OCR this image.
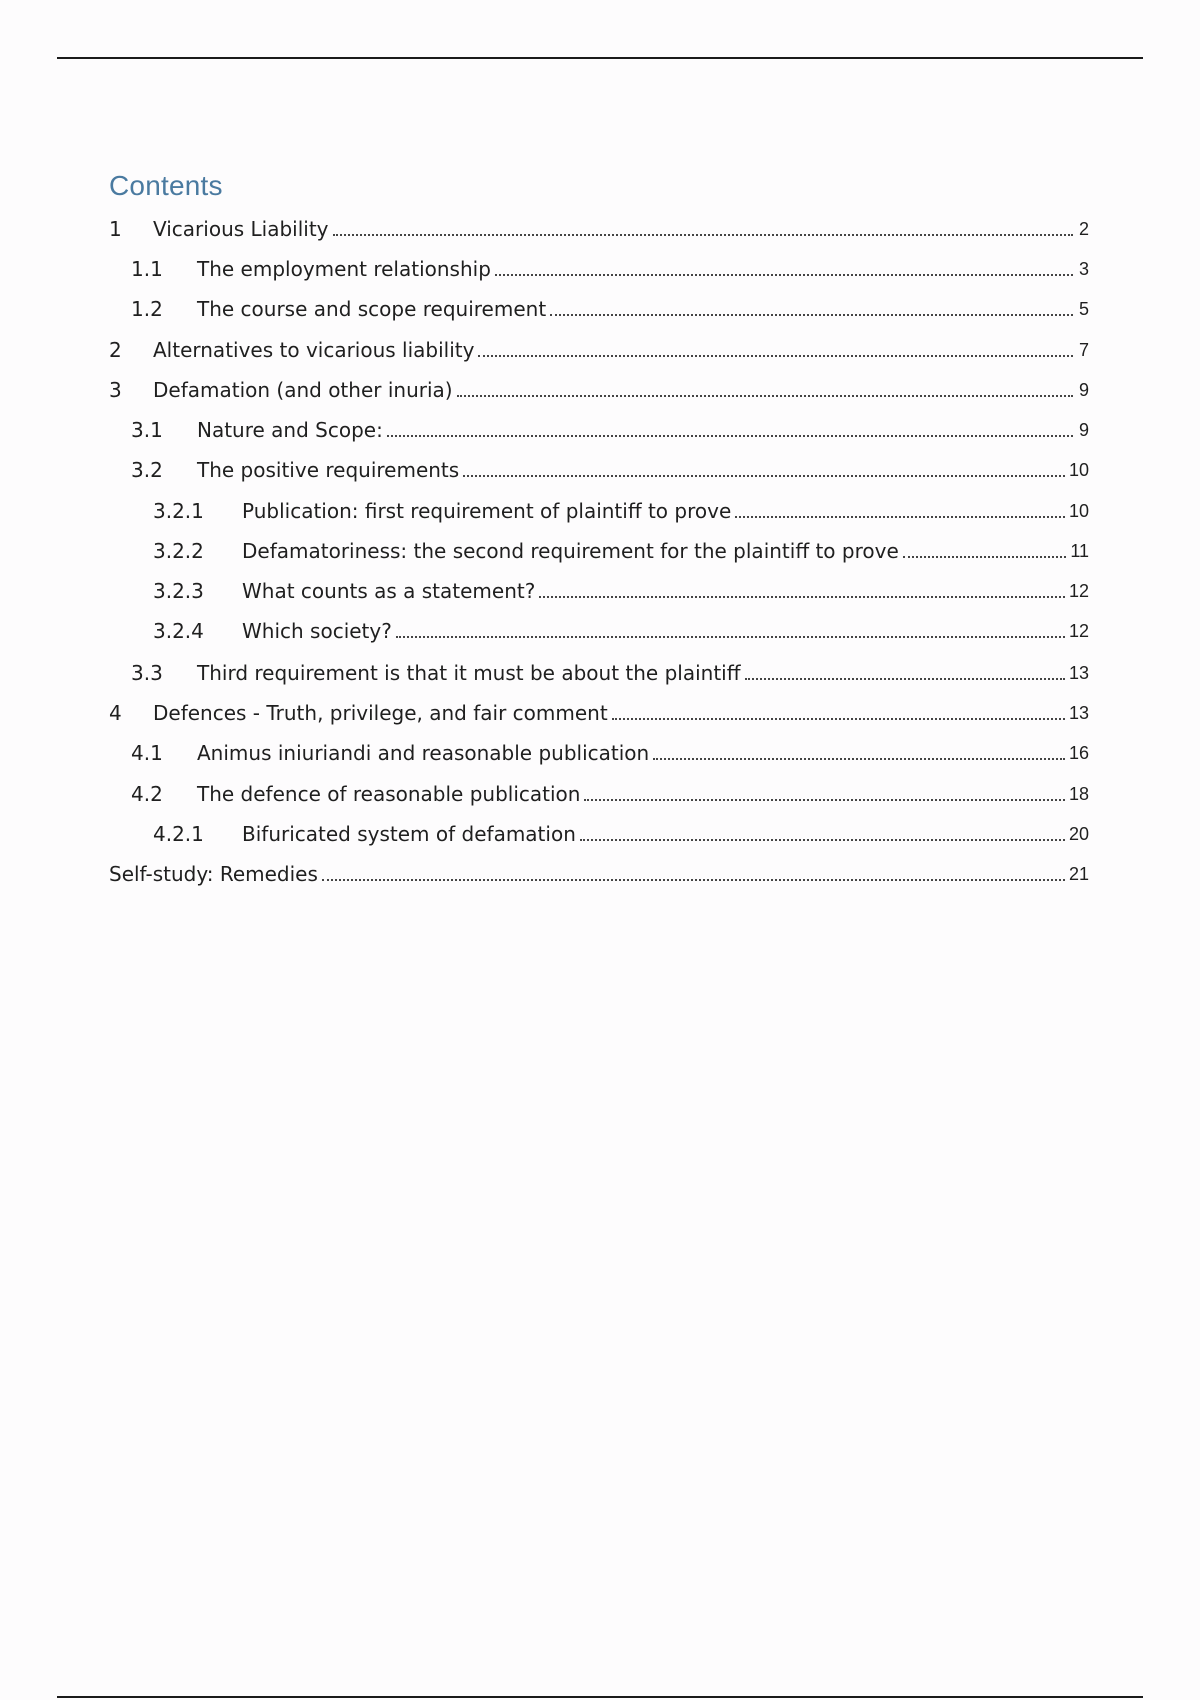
Contents
1	Vicarious Liability	2
1.1	The employment relationship	3
1.2	The course and scope requirement	5
2	Alternatives to vicarious liability	7
3	Defamation (and other inuria)	9
3.1	Nature and Scope:	9
3.2	The positive requirements	10
3.2.1	Publication: first requirement of plaintiff to prove	10
3.2.2	Defamatoriness: the second requirement for the plaintiff to prove	11
3.2.3	What counts as a statement?	12
3.2.4	Which society?	12
3.3	Third requirement is that it must be about the plaintiff	13
4	Defences - Truth, privilege, and fair comment	13
4.1	Animus iniuriandi and reasonable publication	16
4.2	The defence of reasonable publication	18
4.2.1	Bifuricated system of defamation	20
Self-study: Remedies	21
